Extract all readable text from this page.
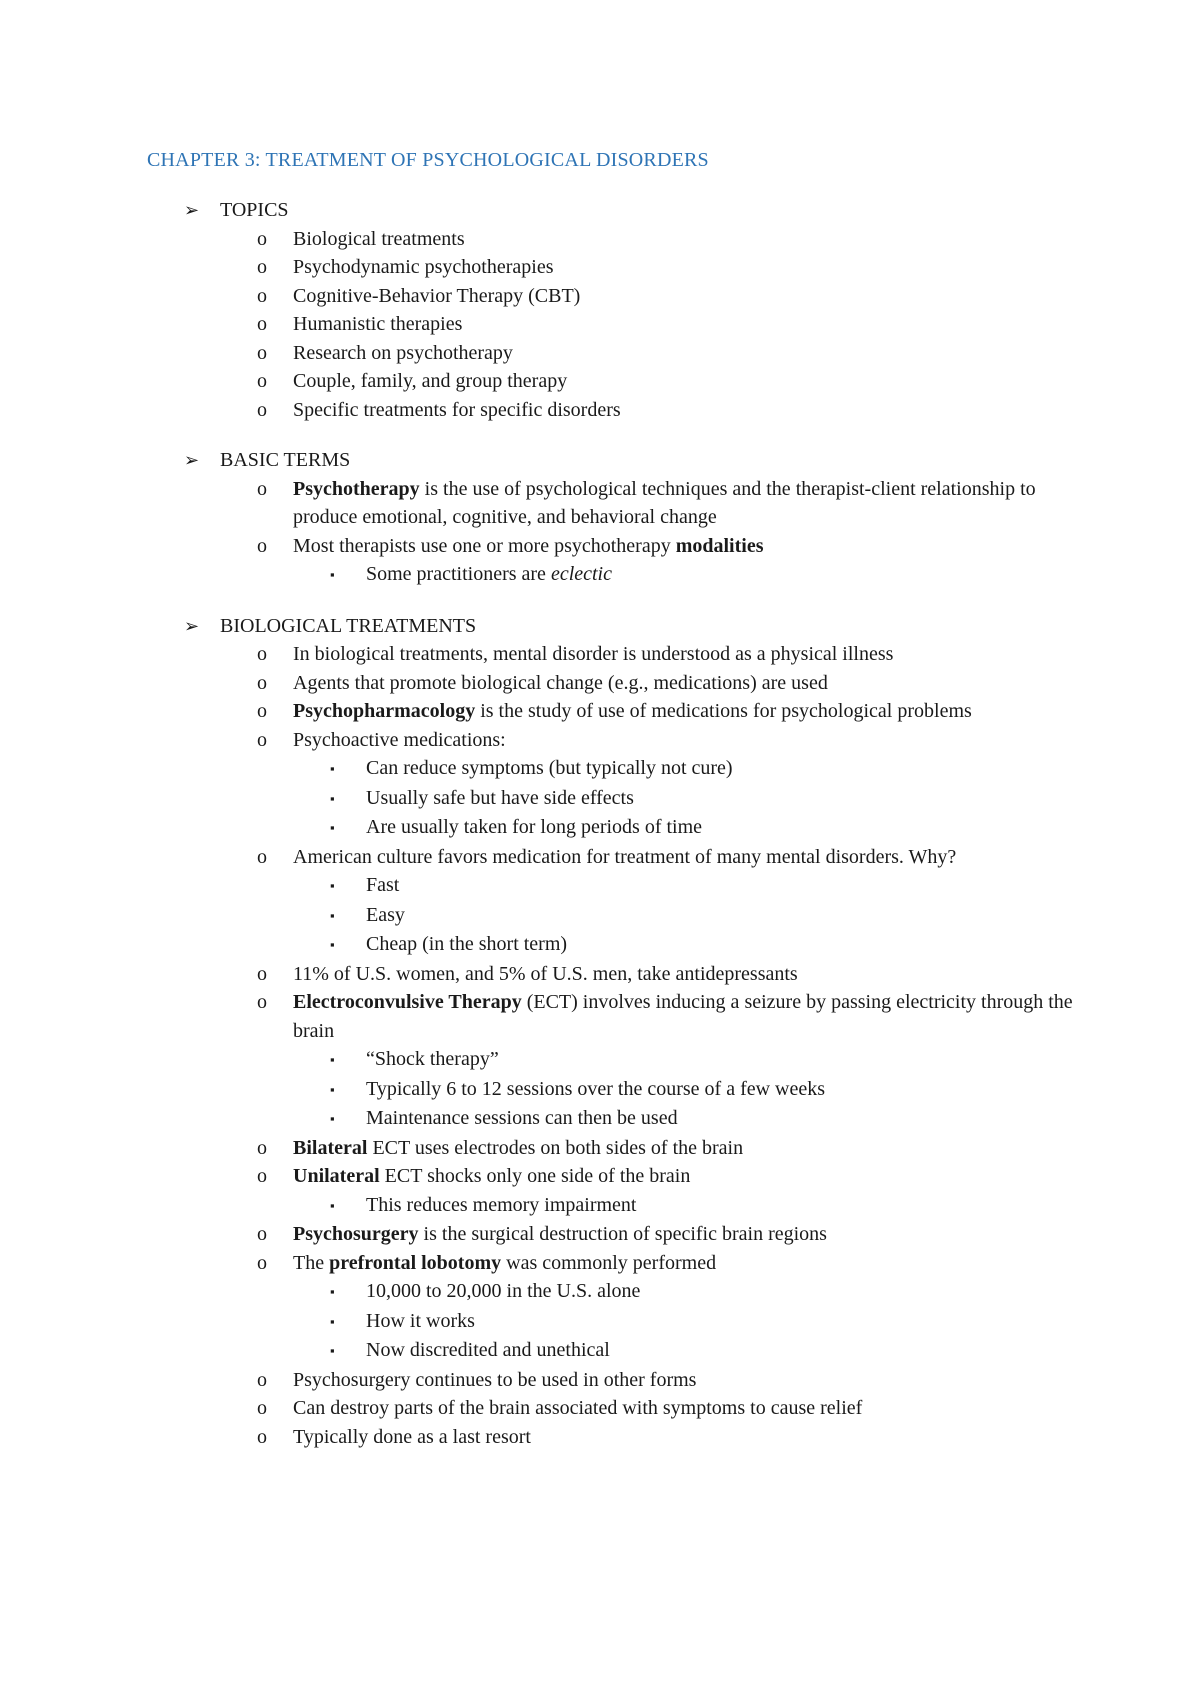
CHAPTER 3: TREATMENT OF PSYCHOLOGICAL DISORDERS
➢	TOPICS
o	Biological treatments
o	Psychodynamic psychotherapies
o	Cognitive-Behavior Therapy (CBT)
o	Humanistic therapies
o	Research on psychotherapy
o	Couple, family, and group therapy
o	Specific treatments for specific disorders
➢	BASIC TERMS
o	Psychotherapy is the use of psychological techniques and the therapist-client relationship to produce emotional, cognitive, and behavioral change
o	Most therapists use one or more psychotherapy modalities
▪	Some practitioners are eclectic
➢	BIOLOGICAL TREATMENTS
o	In biological treatments, mental disorder is understood as a physical illness
o	Agents that promote biological change (e.g., medications) are used
o	Psychopharmacology is the study of use of medications for psychological problems
o	Psychoactive medications:
▪	Can reduce symptoms (but typically not cure)
▪	Usually safe but have side effects
▪	Are usually taken for long periods of time
o	American culture favors medication for treatment of many mental disorders. Why?
▪	Fast
▪	Easy
▪	Cheap (in the short term)
o	11% of U.S. women, and 5% of U.S. men, take antidepressants
o	Electroconvulsive Therapy (ECT) involves inducing a seizure by passing electricity through the brain
▪	“Shock therapy”
▪	Typically 6 to 12 sessions over the course of a few weeks
▪	Maintenance sessions can then be used
o	Bilateral ECT uses electrodes on both sides of the brain
o	Unilateral ECT shocks only one side of the brain
▪	This reduces memory impairment
o	Psychosurgery is the surgical destruction of specific brain regions
o	The prefrontal lobotomy was commonly performed
▪	10,000 to 20,000 in the U.S. alone
▪	How it works
▪	Now discredited and unethical
o	Psychosurgery continues to be used in other forms
o	Can destroy parts of the brain associated with symptoms to cause relief
o	Typically done as a last resort
